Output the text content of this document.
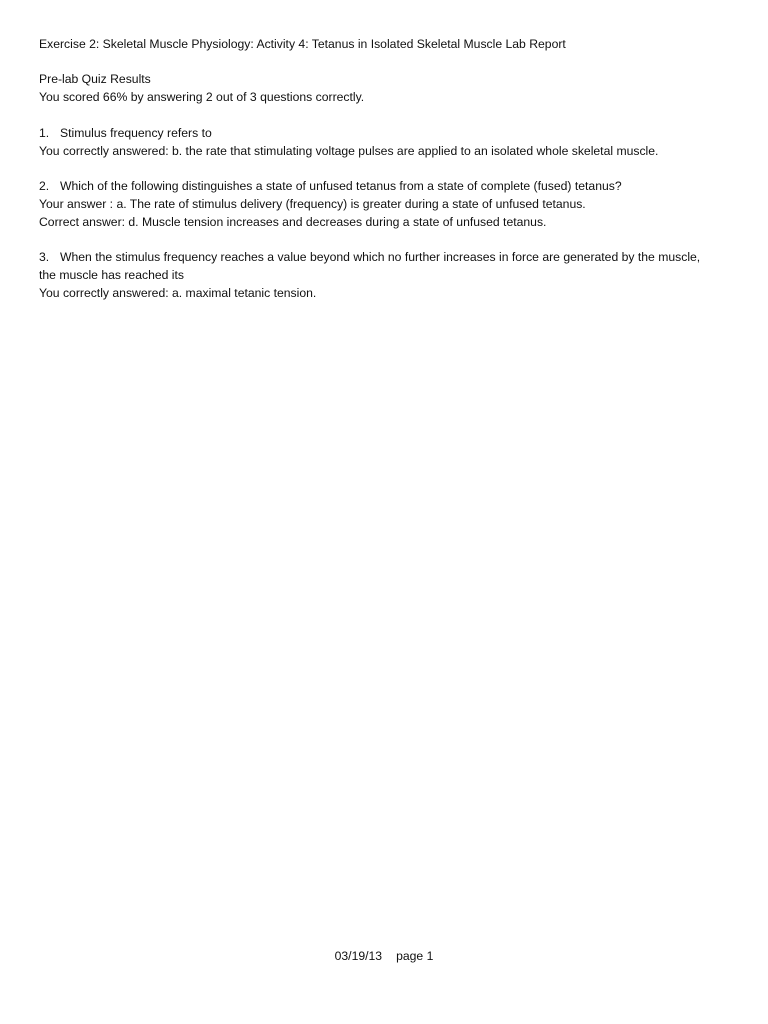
Exercise 2: Skeletal Muscle Physiology: Activity 4: Tetanus in Isolated Skeletal Muscle Lab Report
Pre-lab Quiz Results
You scored 66% by answering 2 out of 3 questions correctly.
1. Stimulus frequency refers to
You correctly answered: b. the rate that stimulating voltage pulses are applied to an isolated whole skeletal muscle.
2. Which of the following distinguishes a state of unfused tetanus from a state of complete (fused) tetanus?
Your answer : a. The rate of stimulus delivery (frequency) is greater during a state of unfused tetanus.
Correct answer: d. Muscle tension increases and decreases during a state of unfused tetanus.
3. When the stimulus frequency reaches a value beyond which no further increases in force are generated by the muscle,
the muscle has reached its
You correctly answered: a. maximal tetanic tension.
03/19/13 page 1
